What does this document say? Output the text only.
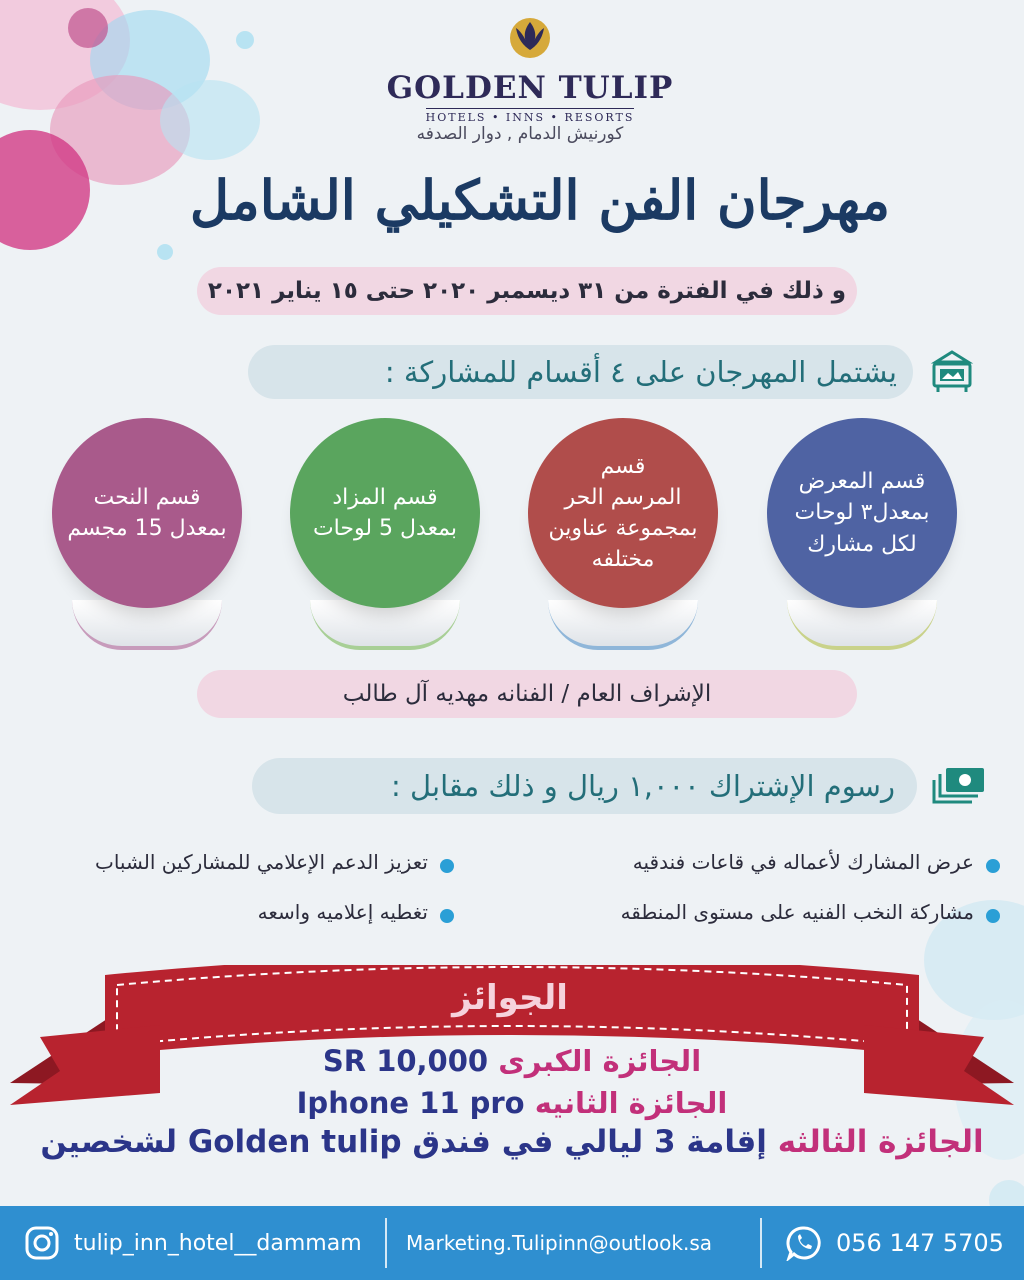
GOLDEN TULIP
HOTELS • INNS • RESORTS
كورنيش الدمام , دوار الصدفه
مهرجان الفن التشكيلي الشامل
و ذلك في الفترة من ٣١ ديسمبر ٢٠٢٠ حتى ١٥ يناير ٢٠٢١
يشتمل المهرجان على ٤ أقسام للمشاركة :
قسم النحت
بمعدل 15 مجسم
قسم المزاد
بمعدل 5 لوحات
قسم
المرسم الحر
بمجموعة عناوين
مختلفه
قسم المعرض
بمعدل٣ لوحات
لكل مشارك
الإشراف العام / الفنانه مهديه آل طالب
رسوم الإشتراك ١,٠٠٠ ريال و ذلك مقابل :
عرض المشارك لأعماله في قاعات فندقيه
مشاركة النخب الفنيه على مستوى المنطقه
تعزيز الدعم الإعلامي للمشاركين الشباب
تغطيه إعلاميه واسعه
الجوائز
الجائزة الكبرى 10,000 SR
الجائزة الثانيه Iphone 11 pro
الجائزة الثالثه إقامة 3 ليالي في فندق Golden tulip لشخصين
tulip_inn_hotel__dammam Marketing.Tulipinn@outlook.sa	056 147 5705
